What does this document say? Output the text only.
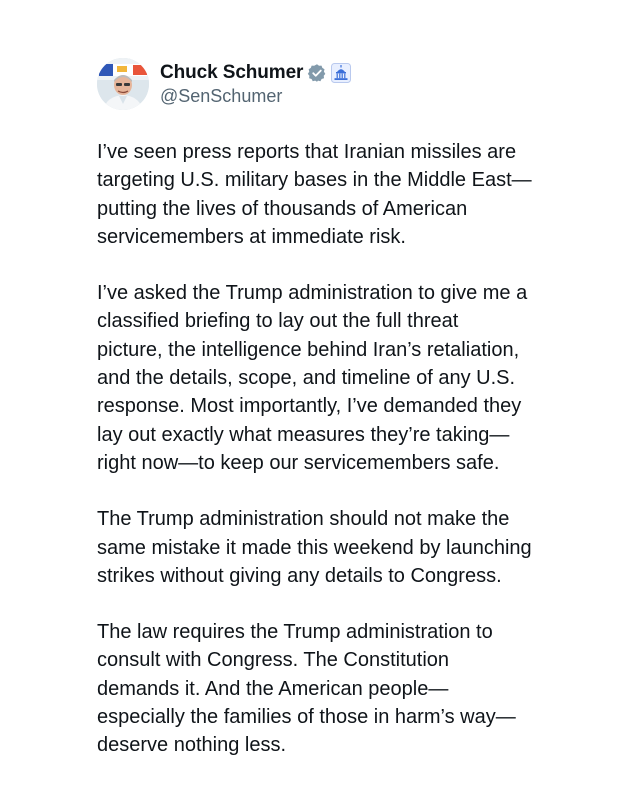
Chuck Schumer
@SenSchumer

I’ve seen press reports that Iranian missiles are
targeting U.S. military bases in the Middle East—
putting the lives of thousands of American
servicemembers at immediate risk.

I’ve asked the Trump administration to give me a
classified briefing to lay out the full threat
picture, the intelligence behind Iran’s retaliation,
and the details, scope, and timeline of any U.S.
response. Most importantly, I’ve demanded they
lay out exactly what measures they’re taking—
right now—to keep our servicemembers safe.

The Trump administration should not make the
same mistake it made this weekend by launching
strikes without giving any details to Congress.

The law requires the Trump administration to
consult with Congress. The Constitution
demands it. And the American people—
especially the families of those in harm’s way—
deserve nothing less.
